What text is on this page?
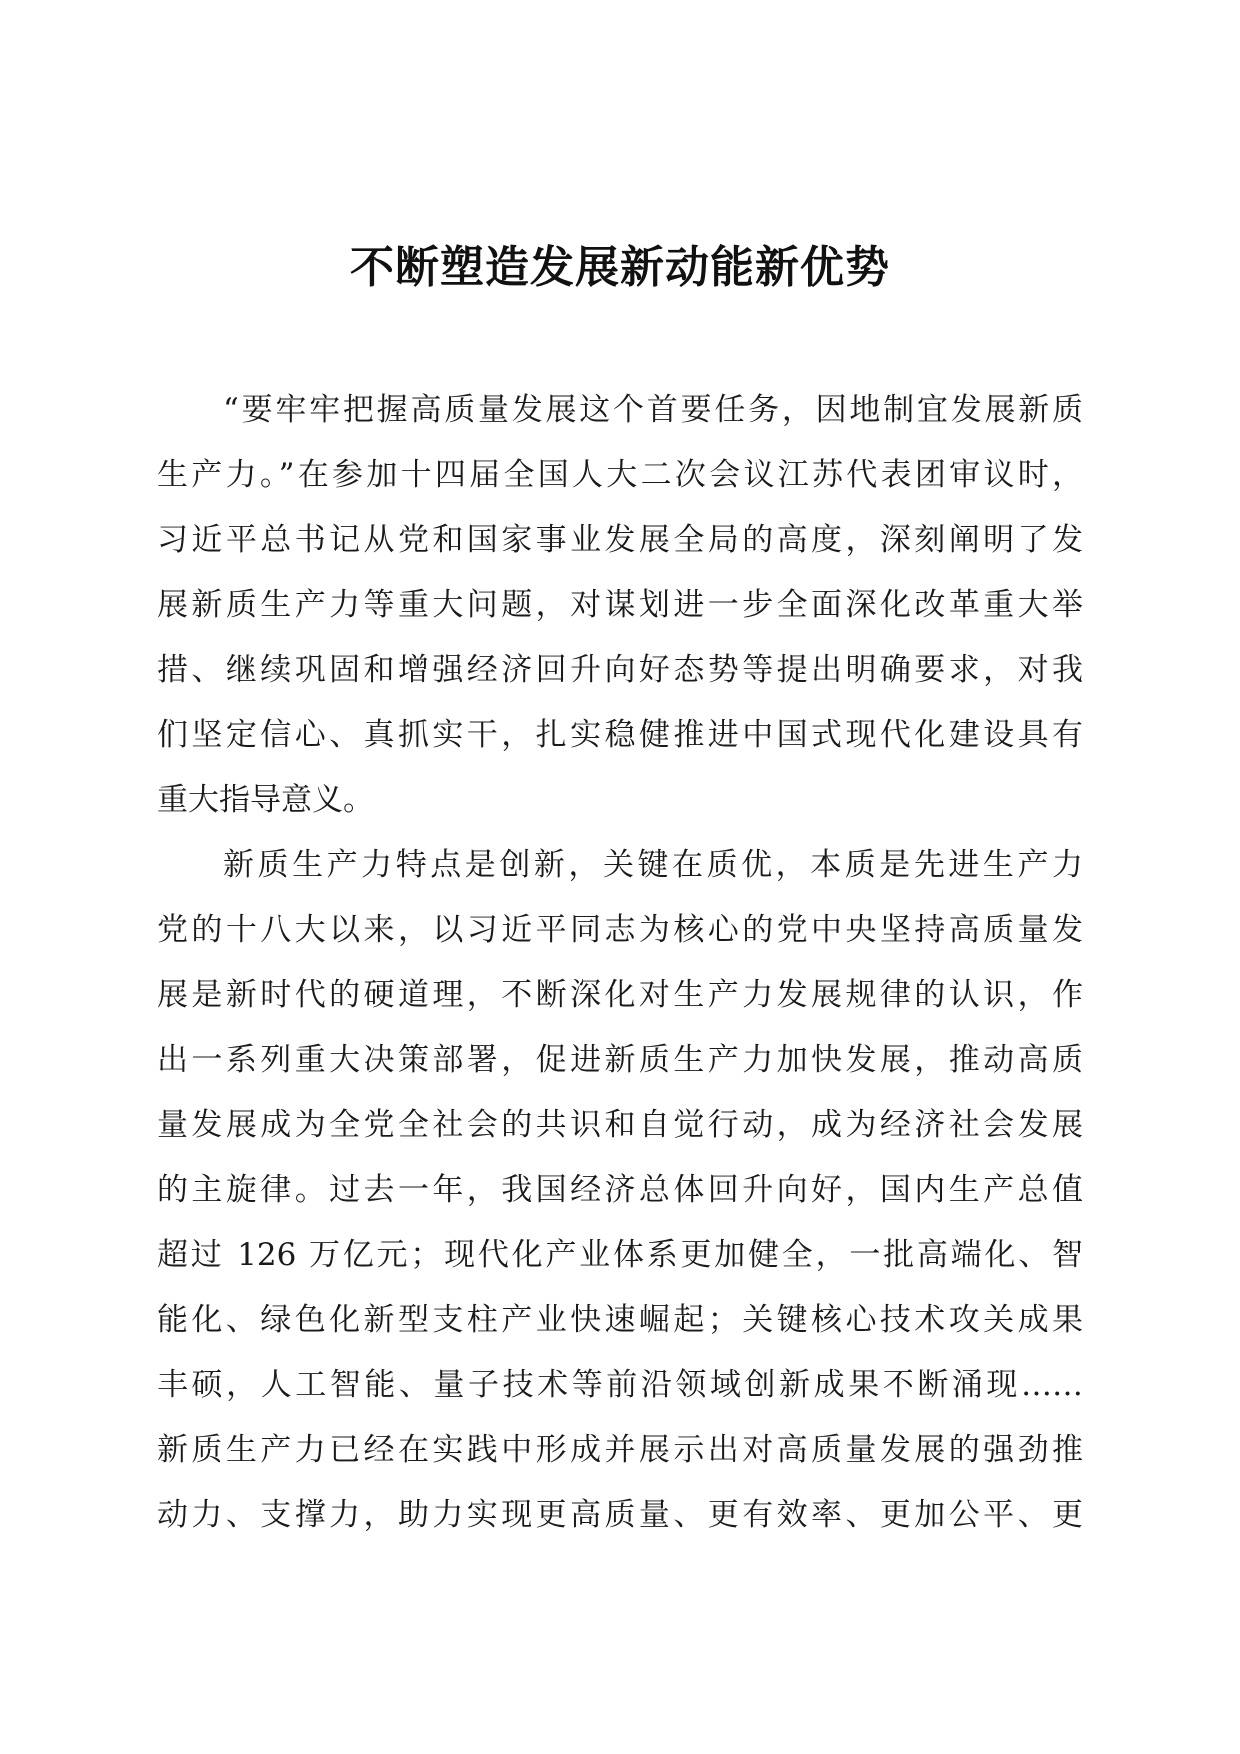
不断塑造发展新动能新优势
“要牢牢把握高质量发展这个首要任务，因地制宜发展新质
生产力。”在参加十四届全国人大二次会议江苏代表团审议时，
习近平总书记从党和国家事业发展全局的高度，深刻阐明了发
展新质生产力等重大问题，对谋划进一步全面深化改革重大举
措、继续巩固和增强经济回升向好态势等提出明确要求，对我
们坚定信心、真抓实干，扎实稳健推进中国式现代化建设具有
重大指导意义。
新质生产力特点是创新，关键在质优，本质是先进生产力
党的十八大以来，以习近平同志为核心的党中央坚持高质量发
展是新时代的硬道理，不断深化对生产力发展规律的认识，作
出一系列重大决策部署，促进新质生产力加快发展，推动高质
量发展成为全党全社会的共识和自觉行动，成为经济社会发展
的主旋律。过去一年，我国经济总体回升向好，国内生产总值
超过 126 万亿元；现代化产业体系更加健全，一批高端化、智
能化、绿色化新型支柱产业快速崛起；关键核心技术攻关成果
丰硕，人工智能、量子技术等前沿领域创新成果不断涌现……
新质生产力已经在实践中形成并展示出对高质量发展的强劲推
动力、支撑力，助力实现更高质量、更有效率、更加公平、更
